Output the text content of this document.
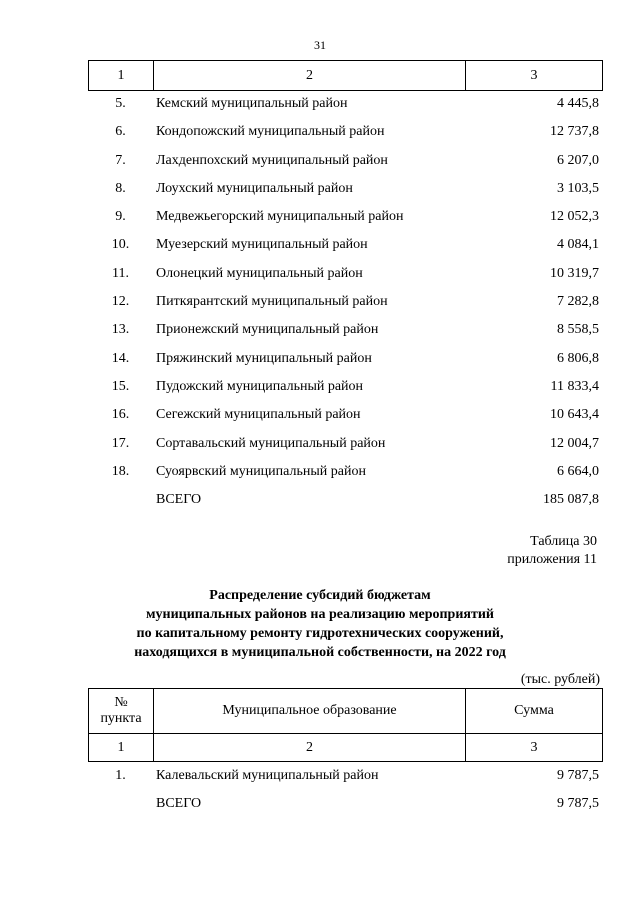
31
1	2	3
5.	Кемский муниципальный район	4 445,8
6.	Кондопожский муниципальный район	12 737,8
7.	Лахденпохский муниципальный район	6 207,0
8.	Лоухский муниципальный район	3 103,5
9.	Медвежьегорский муниципальный район	12 052,3
10.	Муезерский муниципальный район	4 084,1
11.	Олонецкий муниципальный район	10 319,7
12.	Питкярантский муниципальный район	7 282,8
13.	Прионежский муниципальный район	8 558,5
14.	Пряжинский муниципальный район	6 806,8
15.	Пудожский муниципальный район	11 833,4
16.	Сегежский муниципальный район	10 643,4
17.	Сортавальский муниципальный район	12 004,7
18.	Суоярвский муниципальный район	6 664,0
ВСЕГО	185 087,8
Таблица 30
приложения 11
Распределение субсидий бюджетам
муниципальных районов на реализацию мероприятий
по капитальному ремонту гидротехнических сооружений,
находящихся в муниципальной собственности, на 2022 год
(тыс. рублей)
№
пункта	Муниципальное образование	Сумма
1	2	3
1.	Калевальский муниципальный район	9 787,5
ВСЕГО	9 787,5
